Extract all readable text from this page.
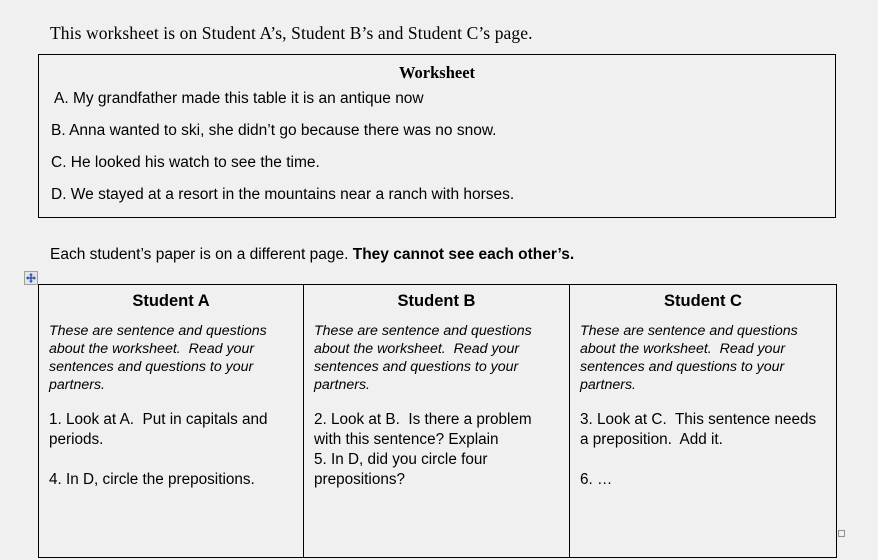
This worksheet is on Student A’s, Student B’s and Student C’s page.
Worksheet
A. My grandfather made this table it is an antique now
B. Anna wanted to ski, she didn’t go because there was no snow.
C. He looked his watch to see the time.
D. We stayed at a resort in the mountains near a ranch with horses.
Each student’s paper is on a different page. They cannot see each other’s.
Student A
These are sentence and questions about the worksheet.  Read your sentences and questions to your partners.
1. Look at A.  Put in capitals and periods.
4. In D, circle the prepositions.
Student B
These are sentence and questions about the worksheet.  Read your sentences and questions to your partners.
2. Look at B.  Is there a problem with this sentence? Explain
5. In D, did you circle four prepositions?
Student C
These are sentence and questions about the worksheet.  Read your sentences and questions to your partners.
3. Look at C.  This sentence needs a preposition.  Add it.
6. …
